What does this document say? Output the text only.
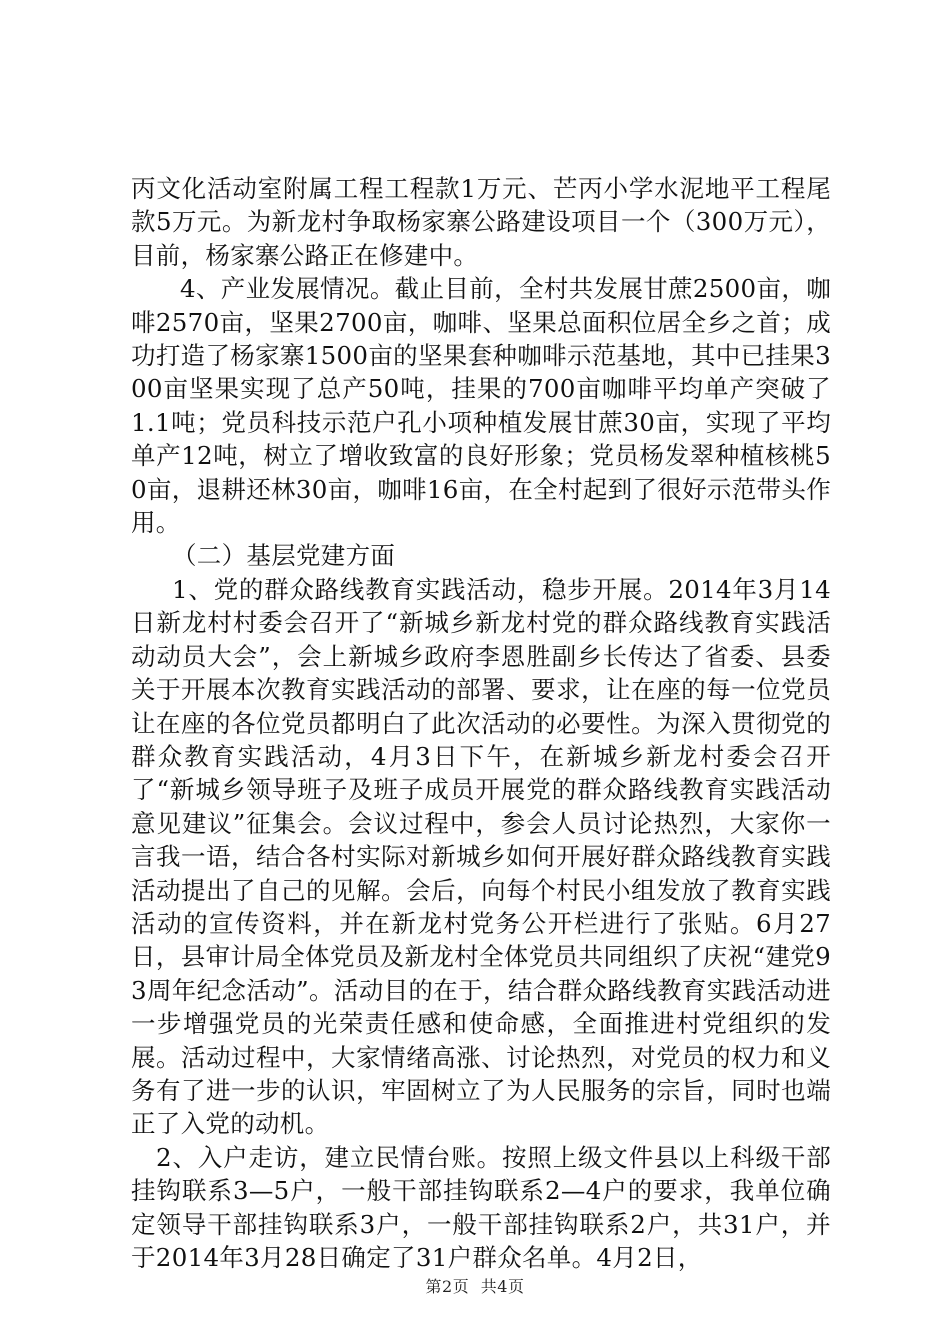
丙文化活动室附属工程工程款1万元、芒丙小学水泥地平工程尾款5万元。为新龙村争取杨家寨公路建设项目一个（300万元），目前，杨家寨公路正在修建中。

4、产业发展情况。截止目前，全村共发展甘蔗2500亩，咖啡2570亩，坚果2700亩，咖啡、坚果总面积位居全乡之首；成功打造了杨家寨1500亩的坚果套种咖啡示范基地，其中已挂果300亩坚果实现了总产50吨，挂果的700亩咖啡平均单产突破了1.1吨；党员科技示范户孔小项种植发展甘蔗30亩，实现了平均单产12吨，树立了增收致富的良好形象；党员杨发翠种植核桃50亩，退耕还林30亩，咖啡16亩，在全村起到了很好示范带头作用。

（二）基层党建方面

1、党的群众路线教育实践活动，稳步开展。2014年3月14日新龙村村委会召开了“新城乡新龙村党的群众路线教育实践活动动员大会”，会上新城乡政府李恩胜副乡长传达了省委、县委关于开展本次教育实践活动的部署、要求，让在座的每一位党员让在座的各位党员都明白了此次活动的必要性。为深入贯彻党的群众教育实践活动，4月3日下午，在新城乡新龙村委会召开了“新城乡领导班子及班子成员开展党的群众路线教育实践活动意见建议”征集会。会议过程中，参会人员讨论热烈，大家你一言我一语，结合各村实际对新城乡如何开展好群众路线教育实践活动提出了自己的见解。会后，向每个村民小组发放了教育实践活动的宣传资料，并在新龙村党务公开栏进行了张贴。6月27日，县审计局全体党员及新龙村全体党员共同组织了庆祝“建党93周年纪念活动”。活动目的在于，结合群众路线教育实践活动进一步增强党员的光荣责任感和使命感，全面推进村党组织的发展。活动过程中，大家情绪高涨、讨论热烈，对党员的权力和义务有了进一步的认识，牢固树立了为人民服务的宗旨，同时也端正了入党的动机。

2、入户走访，建立民情台账。按照上级文件县以上科级干部挂钩联系3—5户，一般干部挂钩联系2—4户的要求，我单位确定领导干部挂钩联系3户，一般干部挂钩联系2户，共31户，并于2014年3月28日确定了31户群众名单。4月2日，

第2页 共4页
